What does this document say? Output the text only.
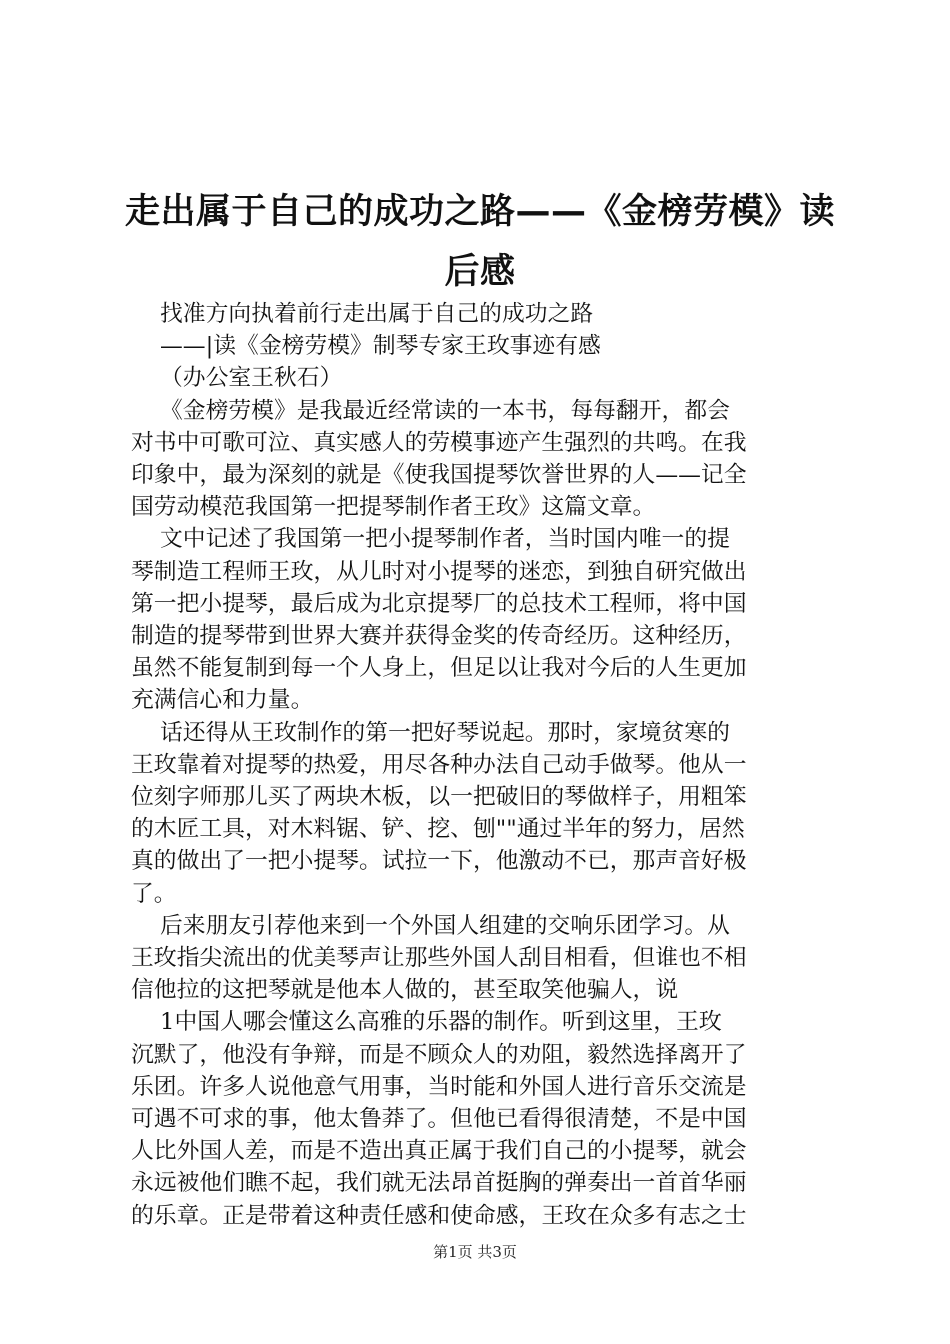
走出属于自己的成功之路——《金榜劳模》读
后感

找准方向执着前行走出属于自己的成功之路

——|读《金榜劳模》制琴专家王玫事迹有感

（办公室王秋石）

《金榜劳模》是我最近经常读的一本书，每每翻开，都会

对书中可歌可泣、真实感人的劳模事迹产生强烈的共鸣。在我

印象中，最为深刻的就是《使我国提琴饮誉世界的人——记全

国劳动模范我国第一把提琴制作者王玫》这篇文章。

文中记述了我国第一把小提琴制作者，当时国内唯一的提

琴制造工程师王玫，从儿时对小提琴的迷恋，到独自研究做出

第一把小提琴，最后成为北京提琴厂的总技术工程师，将中国

制造的提琴带到世界大赛并获得金奖的传奇经历。这种经历，

虽然不能复制到每一个人身上，但足以让我对今后的人生更加

充满信心和力量。

话还得从王玫制作的第一把好琴说起。那时，家境贫寒的

王玫靠着对提琴的热爱，用尽各种办法自己动手做琴。他从一

位刻字师那儿买了两块木板，以一把破旧的琴做样子，用粗笨

的木匠工具，对木料锯、铲、挖、刨""通过半年的努力，居然

真的做出了一把小提琴。试拉一下，他激动不已，那声音好极

了。

后来朋友引荐他来到一个外国人组建的交响乐团学习。从

王玫指尖流出的优美琴声让那些外国人刮目相看，但谁也不相

信他拉的这把琴就是他本人做的，甚至取笑他骗人，说

1中国人哪会懂这么高雅的乐器的制作。听到这里，王玫

沉默了，他没有争辩，而是不顾众人的劝阻，毅然选择离开了

乐团。许多人说他意气用事，当时能和外国人进行音乐交流是

可遇不可求的事，他太鲁莽了。但他已看得很清楚，不是中国

人比外国人差，而是不造出真正属于我们自己的小提琴，就会

永远被他们瞧不起，我们就无法昂首挺胸的弹奏出一首首华丽

的乐章。正是带着这种责任感和使命感，王玫在众多有志之士

第1页 共3页
